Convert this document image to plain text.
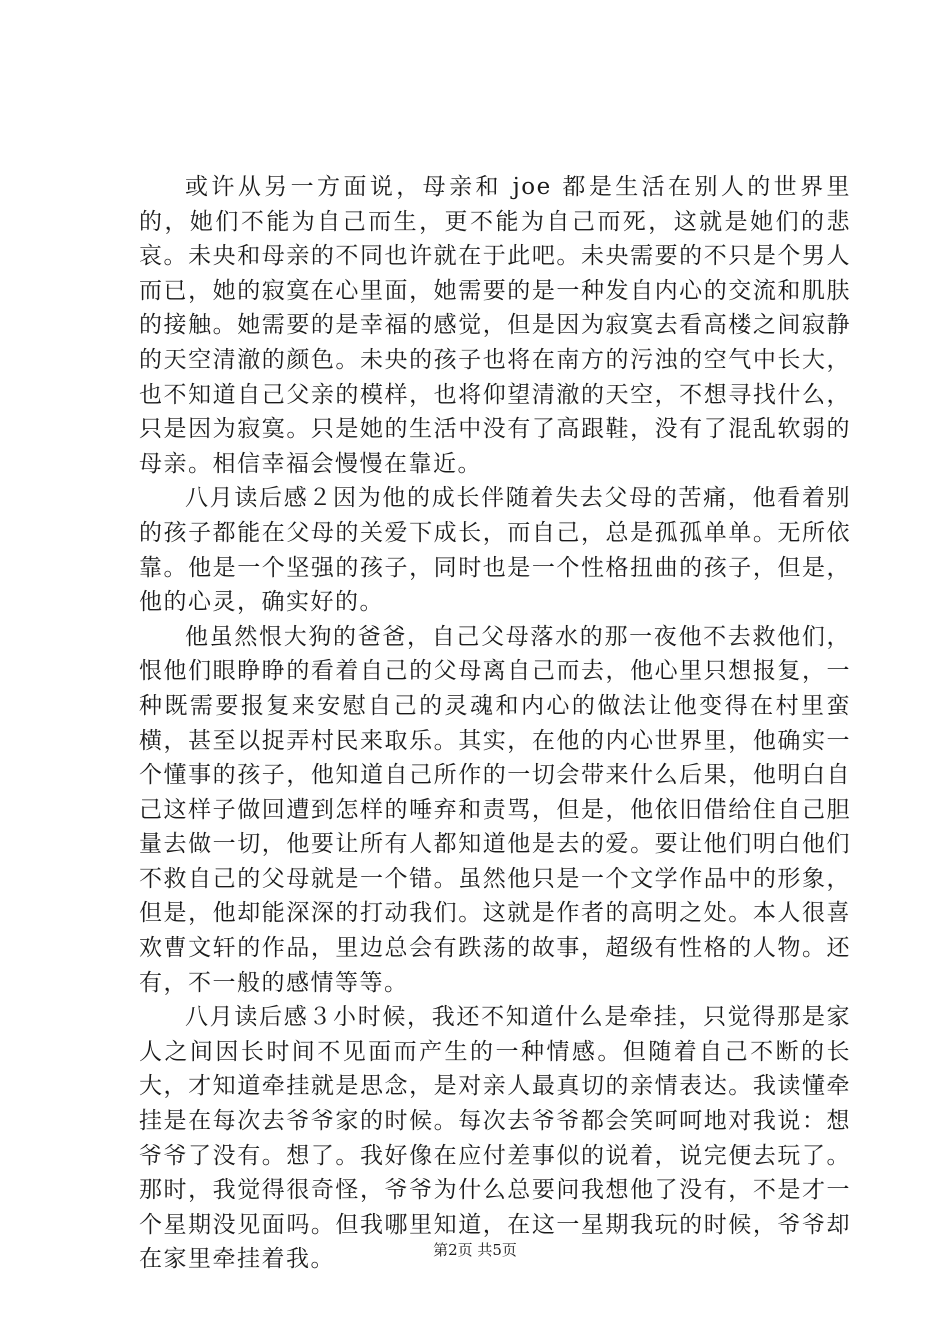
或许从另一方面说，母亲和 joe 都是生活在别人的世界里的，她们不能为自己而生，更不能为自己而死，这就是她们的悲哀。未央和母亲的不同也许就在于此吧。未央需要的不只是个男人而已，她的寂寞在心里面，她需要的是一种发自内心的交流和肌肤的接触。她需要的是幸福的感觉，但是因为寂寞去看高楼之间寂静的天空清澈的颜色。未央的孩子也将在南方的污浊的空气中长大，也不知道自己父亲的模样，也将仰望清澈的天空，不想寻找什么，只是因为寂寞。只是她的生活中没有了高跟鞋，没有了混乱软弱的母亲。相信幸福会慢慢在靠近。

八月读后感２因为他的成长伴随着失去父母的苦痛，他看着别的孩子都能在父母的关爱下成长，而自己，总是孤孤单单。无所依靠。他是一个坚强的孩子，同时也是一个性格扭曲的孩子，但是，他的心灵，确实好的。

他虽然恨大狗的爸爸，自己父母落水的那一夜他不去救他们，恨他们眼睁睁的看着自己的父母离自己而去，他心里只想报复，一种既需要报复来安慰自己的灵魂和内心的做法让他变得在村里蛮横，甚至以捉弄村民来取乐。其实，在他的内心世界里，他确实一个懂事的孩子，他知道自己所作的一切会带来什么后果，他明白自己这样子做回遭到怎样的唾弃和责骂，但是，他依旧借给住自己胆量去做一切，他要让所有人都知道他是去的爱。要让他们明白他们不救自己的父母就是一个错。虽然他只是一个文学作品中的形象，但是，他却能深深的打动我们。这就是作者的高明之处。本人很喜欢曹文轩的作品，里边总会有跌荡的故事，超级有性格的人物。还有，不一般的感情等等。

八月读后感３小时候，我还不知道什么是牵挂，只觉得那是家人之间因长时间不见面而产生的一种情感。但随着自己不断的长大，才知道牵挂就是思念，是对亲人最真切的亲情表达。我读懂牵挂是在每次去爷爷家的时候。每次去爷爷都会笑呵呵地对我说：想爷爷了没有。想了。我好像在应付差事似的说着，说完便去玩了。那时，我觉得很奇怪，爷爷为什么总要问我想他了没有，不是才一个星期没见面吗。但我哪里知道，在这一星期我玩的时候，爷爷却在家里牵挂着我。	第2页 共5页
